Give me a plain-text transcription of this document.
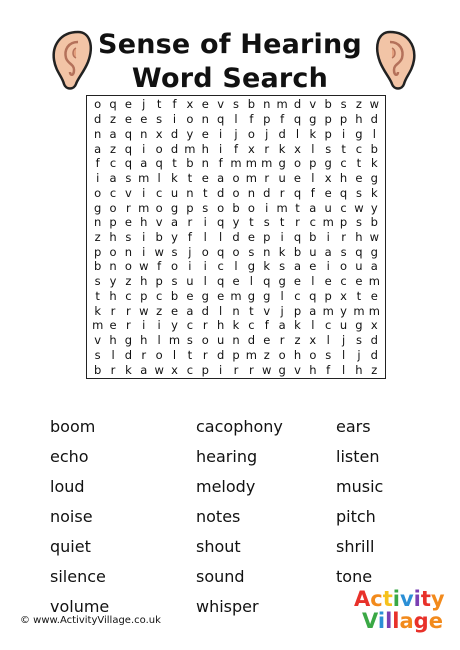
Sense of Hearing Word Search
o q e j	t f x e v s b n m d v b s z w
d z e e s i o n q l	f p f q g p p h d
n a q n x d y e i	j o j d l k p i g l
a z q i o d m h i	f x r k x l s t c b
f c q a q t b n f m m m g o p g c t k
i a s m l k t e a o m r u e l x h e g
o c v i c u n t d o n d r q f e q s k
g o r m o g p s o b o i m t a u c w y
n p e h v a r i q y t s t r c m p s b
z h s i b y f	l	l d e p i q b i r h w
p o n i w s j o q o s n k b u a s q g
b n o w f o i	i c l g k s a e i o u a
s y z h p s u l q e l q g e l e c e m
t h c p c b e g e m g g l c q p x t e
k r r w z e a d l n t v j p a m y m m
m e r i	i y c r h k c f a k l c u g x
v h g h l m s o u n d e r z x l	j s d
s l d r o l	t r d p m z o h o s l	j d
b r k a w x c p i r r w g v h f	l h z
boom	cacophony	ears
echo	hearing	listen
loud	melody	music
noise	notes	pitch
quiet	shout	shrill
silence	sound	tone
volume	whisper
© www.ActivityVillage.co.uk
Activity
Village
